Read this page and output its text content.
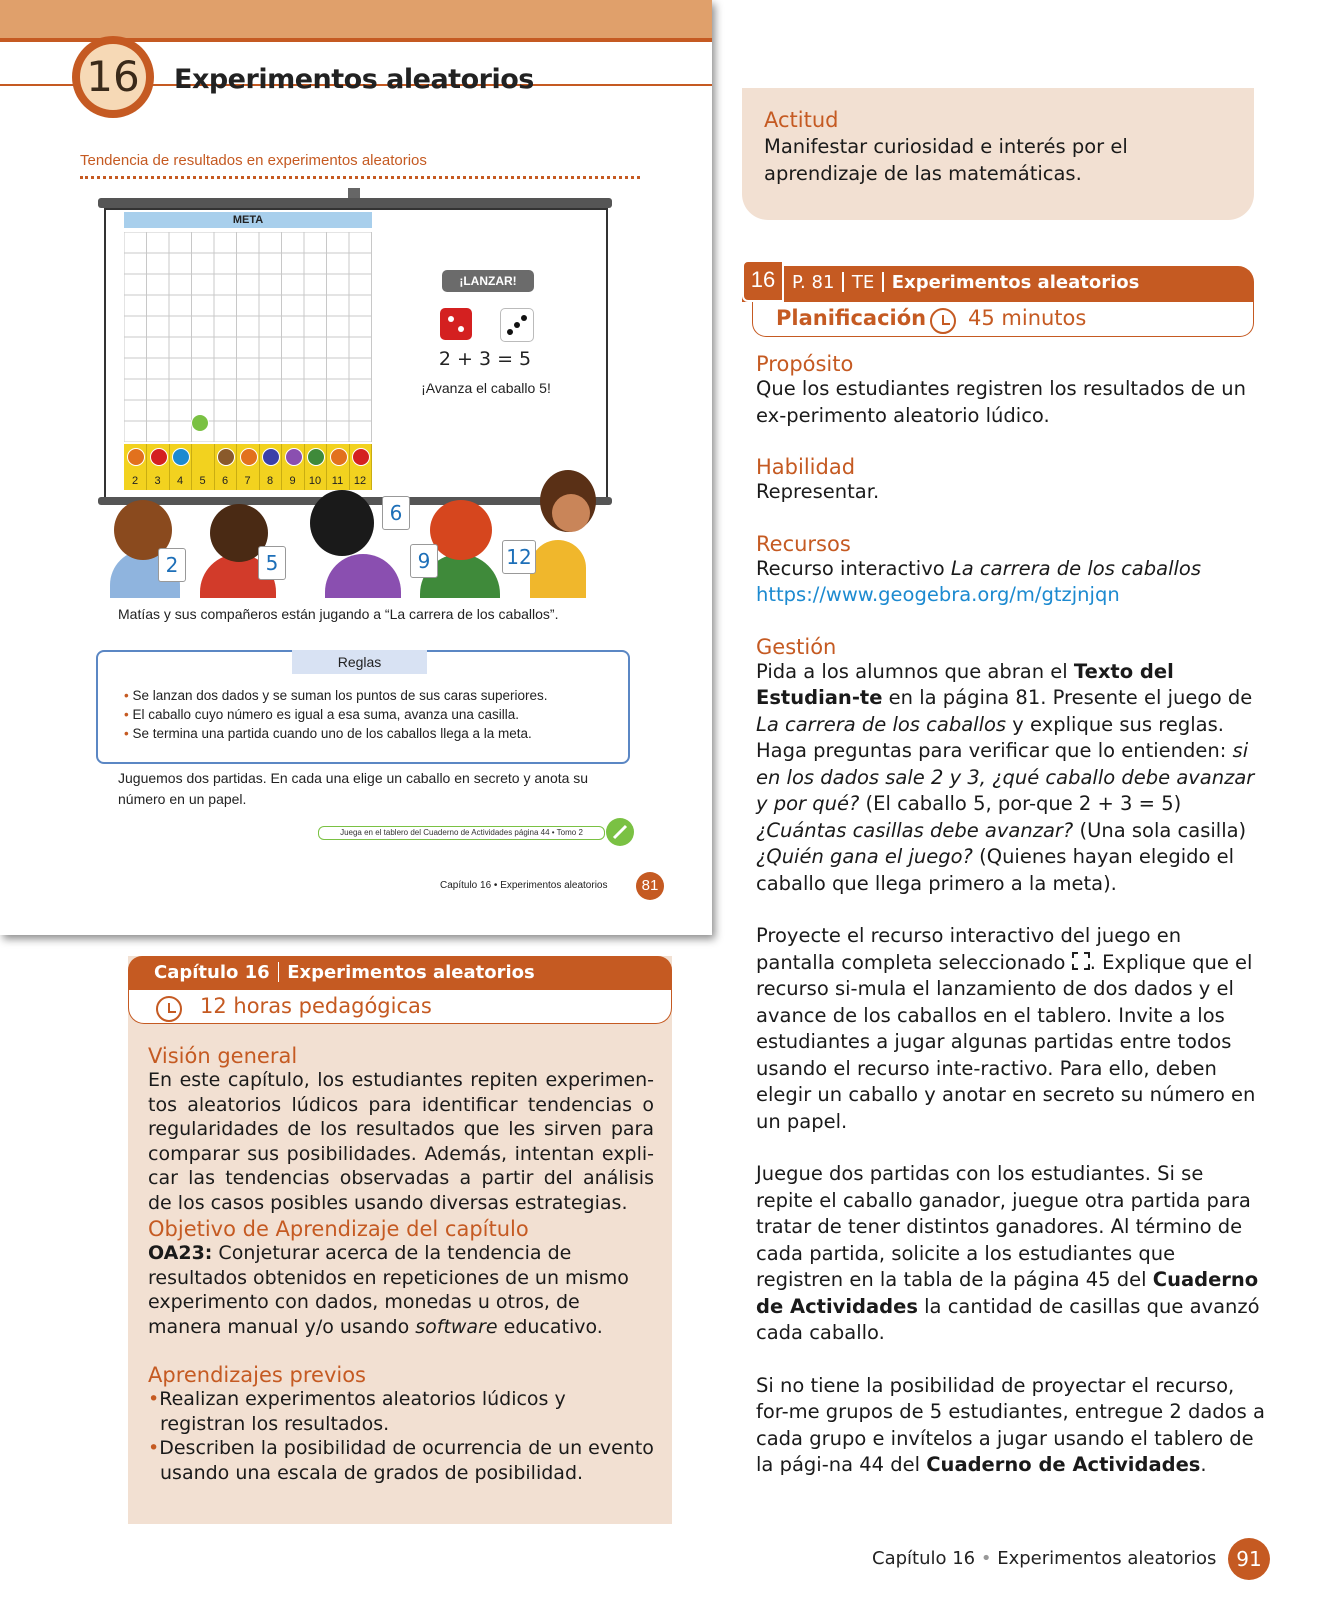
16 Experimentos aleatorios
Tendencia de resultados en experimentos aleatorios
META
2	3	4	5	6	7	8	9	10 11 12
¡LANZAR!
2 + 3 = 5
¡Avanza el caballo 5!
2	5
6
9	12
Matías y sus compañeros están jugando a “La carrera de los caballos”.
Reglas
• Se lanzan dos dados y se suman los puntos de sus caras superiores.
• El caballo cuyo número es igual a esa suma, avanza una casilla.
• Se termina una partida cuando uno de los caballos llega a la meta.
Juguemos dos partidas. En cada una elige un caballo en secreto y anota su número en un papel.
Juega en el tablero del Cuaderno de Actividades página 44 • Tomo 2
Capítulo 16 • Experimentos aleatorios	81
Actitud
Manifestar curiosidad e interés por el aprendizaje de las matemáticas.
16 P. 81 TE Experimentos aleatorios
Planificación 45 minutos
Propósito
Que los estudiantes registren los resultados de un ex-perimento aleatorio lúdico.
Habilidad
Representar.
Recursos
Recurso interactivo La carrera de los caballos
https://www.geogebra.org/m/gtzjnjqn
Gestión
Pida a los alumnos que abran el Texto del Estudian-te en la página 81. Presente el juego de La carrera de los caballos y explique sus reglas. Haga preguntas para verificar que lo entienden: si en los dados sale 2 y 3, ¿qué caballo debe avanzar y por qué? (El caballo 5, por-que 2 + 3 = 5) ¿Cuántas casillas debe avanzar? (Una sola casilla) ¿Quién gana el juego? (Quienes hayan elegido el caballo que llega primero a la meta).
Proyecte el recurso interactivo del juego en pantalla completa seleccionado . Explique que el recurso si-mula el lanzamiento de dos dados y el avance de los caballos en el tablero. Invite a los estudiantes a jugar algunas partidas entre todos usando el recurso inte-ractivo. Para ello, deben elegir un caballo y anotar en secreto su número en un papel.
Juegue dos partidas con los estudiantes. Si se repite el caballo ganador, juegue otra partida para tratar de tener distintos ganadores. Al término de cada partida, solicite a los estudiantes que registren en la tabla de la página 45 del Cuaderno de Actividades la cantidad de casillas que avanzó cada caballo.
Si no tiene la posibilidad de proyectar el recurso, for-me grupos de 5 estudiantes, entregue 2 dados a cada grupo e invítelos a jugar usando el tablero de la pági-na 44 del Cuaderno de Actividades.
Capítulo 16 Experimentos aleatorios
12 horas pedagógicas
Visión general
En este capítulo, los estudiantes repiten experimen-tos aleatorios lúdicos para identificar tendencias o regularidades de los resultados que les sirven para comparar sus posibilidades. Además, intentan expli-car las tendencias observadas a partir del análisis de los casos posibles usando diversas estrategias.
Objetivo de Aprendizaje del capítulo
OA23: Conjeturar acerca de la tendencia de resultados obtenidos en repeticiones de un mismo experimento con dados, monedas u otros, de manera manual y/o usando software educativo.
Aprendizajes previos
•Realizan experimentos aleatorios lúdicos y registran los resultados.
•Describen la posibilidad de ocurrencia de un evento usando una escala de grados de posibilidad.
Capítulo 16 • Experimentos aleatorios 91
